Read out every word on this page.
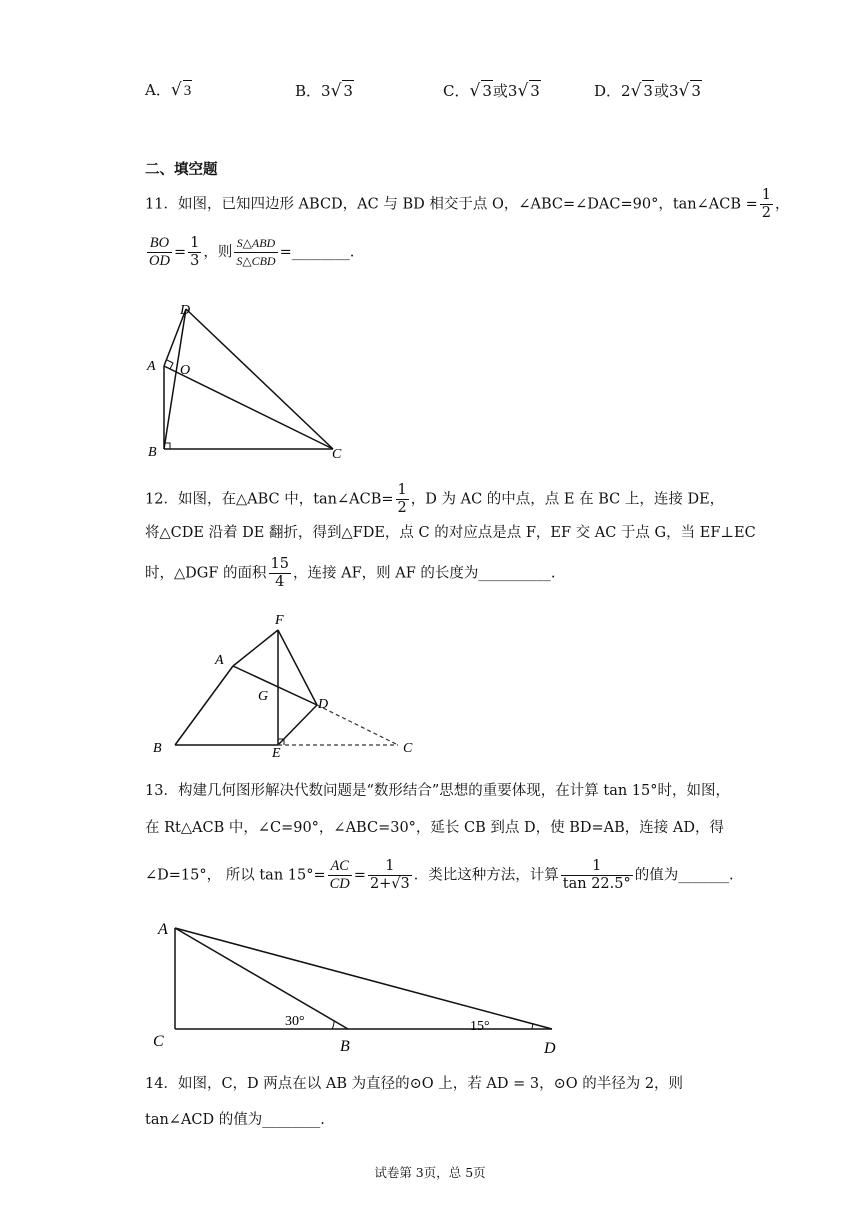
A．√ 3	B．3√ 3	C．√ 3或3√ 3	D．2√ 3或3√ 3
二、填空题
11．如图，已知四边形 ABCD，AC 与 BD 相交于点 O，∠ABC=∠DAC=90°，tan∠ACB = $\frac{1}{2}$ ，
$\frac{BO}{OD} = \frac{1}{3}$ ，则 $\frac{\text{S△ABD}}{\text{S△CBD}}$ =________.
D
A O
B	C
12．如图，在△ABC 中，tan∠ACB= $\frac{1}{2}$ ，D 为 AC 的中点，点 E 在 BC 上，连接 DE，
将△CDE 沿着 DE 翻折，得到△FDE，点 C 的对应点是点 F，EF 交 AC 于点 G，当 EF⊥EC
时，△DGF 的面积 $\frac{15}{4}$ ，连接 AF，则 AF 的长度为__________.
F
A
G
D
B	E	C
13．构建几何图形解决代数问题是“数形结合”思想的重要体现，在计算 tan 15°时，如图，
在 Rt△ACB 中，∠C=90°，∠ABC=30°，延长 CB 到点 D，使 BD=AB，连接 AD，得
∠D=15°， 所以 $\tan 15^\circ= \frac{AC}{CD} = \frac{1}{2+√3}$ ．类比这种方法，计算 $\frac{1}{\tan 22.5^\circ}$ 的值为_______.
A
C	B	D
30°	15°
14．如图，C，D 两点在以 AB 为直径的⊙O 上，若 AD = 3，⊙O 的半径为 2，则
tan∠ACD 的值为________.
试卷第 3页，总 5页
